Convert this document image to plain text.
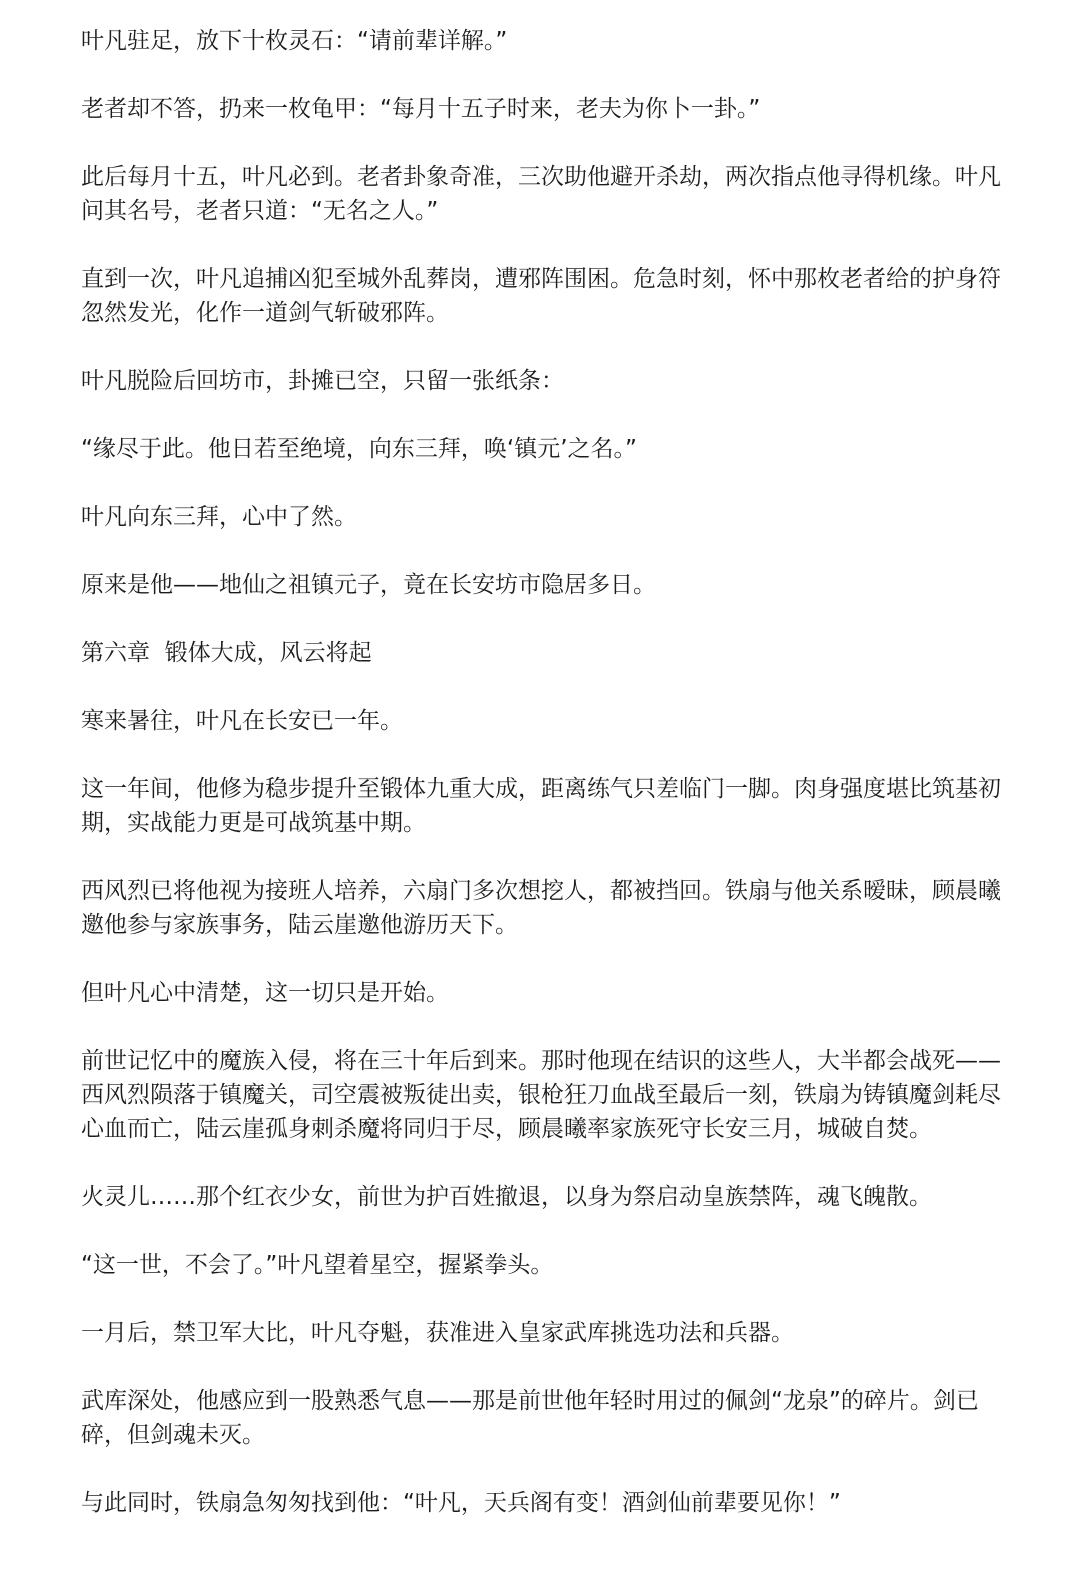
叶凡驻足，放下十枚灵石：“请前辈详解。”

老者却不答，扔来一枚龟甲：“每月十五子时来，老夫为你卜一卦。”

此后每月十五，叶凡必到。老者卦象奇准，三次助他避开杀劫，两次指点他寻得机缘。叶凡问其名号，老者只道：“无名之人。”

直到一次，叶凡追捕凶犯至城外乱葬岗，遭邪阵围困。危急时刻，怀中那枚老者给的护身符忽然发光，化作一道剑气斩破邪阵。

叶凡脱险后回坊市，卦摊已空，只留一张纸条：

“缘尽于此。他日若至绝境，向东三拜，唤‘镇元’之名。”

叶凡向东三拜，心中了然。

原来是他——地仙之祖镇元子，竟在长安坊市隐居多日。

第六章  锻体大成，风云将起

寒来暑往，叶凡在长安已一年。

这一年间，他修为稳步提升至锻体九重大成，距离练气只差临门一脚。肉身强度堪比筑基初期，实战能力更是可战筑基中期。

西风烈已将他视为接班人培养，六扇门多次想挖人，都被挡回。铁扇与他关系暧昧，顾晨曦邀他参与家族事务，陆云崖邀他游历天下。

但叶凡心中清楚，这一切只是开始。

前世记忆中的魔族入侵，将在三十年后到来。那时他现在结识的这些人，大半都会战死——西风烈陨落于镇魔关，司空震被叛徒出卖，银枪狂刀血战至最后一刻，铁扇为铸镇魔剑耗尽心血而亡，陆云崖孤身刺杀魔将同归于尽，顾晨曦率家族死守长安三月，城破自焚。

火灵儿……那个红衣少女，前世为护百姓撤退，以身为祭启动皇族禁阵，魂飞魄散。

“这一世，不会了。”叶凡望着星空，握紧拳头。

一月后，禁卫军大比，叶凡夺魁，获准进入皇家武库挑选功法和兵器。

武库深处，他感应到一股熟悉气息——那是前世他年轻时用过的佩剑“龙泉”的碎片。剑已碎，但剑魂未灭。

与此同时，铁扇急匆匆找到他：“叶凡，天兵阁有变！酒剑仙前辈要见你！”
